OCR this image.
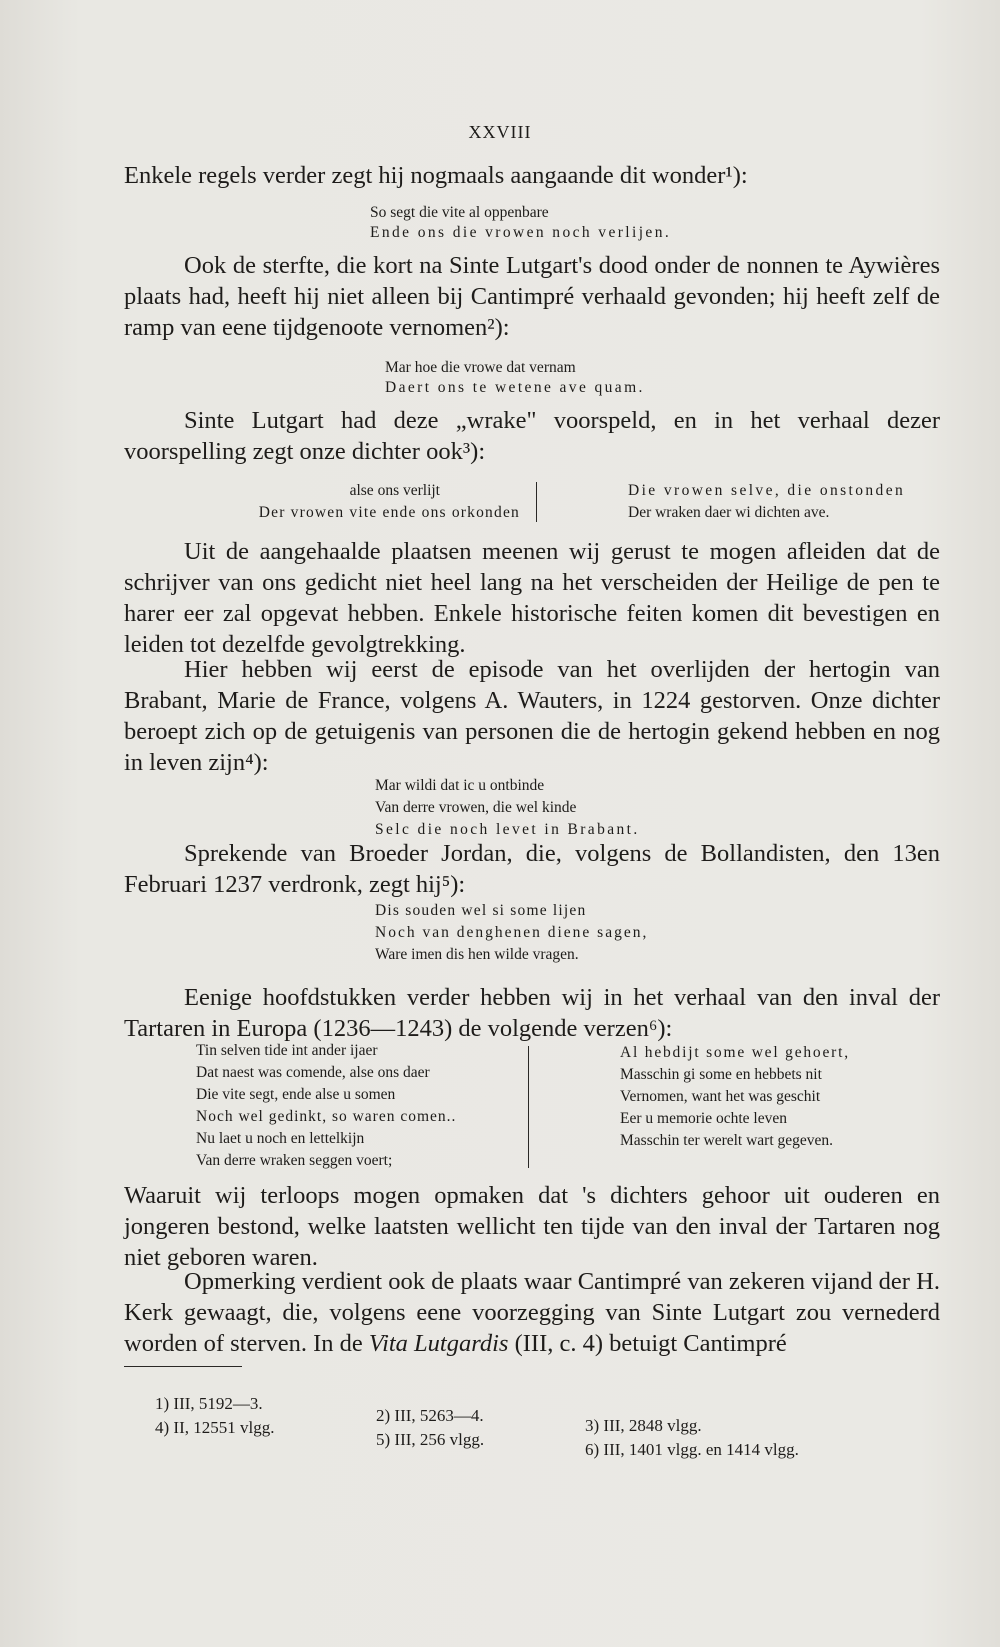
XXVIII

Enkele regels verder zegt hij nogmaals aangaande dit wonder¹):

So segt die vite al oppenbare
Ende ons die vrowen noch verlijen.

Ook de sterfte, die kort na Sinte Lutgart's dood onder de nonnen te Aywières plaats had, heeft hij niet alleen bij Cantimpré verhaald gevonden; hij heeft zelf de ramp van eene tijdgenoote vernomen²):

Mar hoe die vrowe dat vernam
Daert ons te wetene ave quam.

Sinte Lutgart had deze „wrake" voorspeld, en in het verhaal dezer voorspelling zegt onze dichter ook³):

alse ons verlijt
Der vrowen vite ende ons orkonden
Die vrowen selve, die onstonden
Der wraken daer wi dichten ave.

Uit de aangehaalde plaatsen meenen wij gerust te mogen afleiden dat de schrijver van ons gedicht niet heel lang na het verscheiden der Heilige de pen te harer eer zal opgevat hebben. Enkele historische feiten komen dit bevestigen en leiden tot dezelfde gevolgtrekking.

Hier hebben wij eerst de episode van het overlijden der hertogin van Brabant, Marie de France, volgens A. Wauters, in 1224 gestorven. Onze dichter beroept zich op de getuigenis van personen die de hertogin gekend hebben en nog in leven zijn⁴):

Mar wildi dat ic u ontbinde
Van derre vrowen, die wel kinde
Selc die noch levet in Brabant.

Sprekende van Broeder Jordan, die, volgens de Bollandisten, den 13en Februari 1237 verdronk, zegt hij⁵):

Dis souden wel si some lijen
Noch van denghenen diene sagen,
Ware imen dis hen wilde vragen.

Eenige hoofdstukken verder hebben wij in het verhaal van den inval der Tartaren in Europa (1236—1243) de volgende verzen⁶):

Tin selven tide int ander ijaer
Dat naest was comende, alse ons daer
Die vite segt, ende alse u somen
Noch wel gedinkt, so waren comen..
Nu laet u noch en lettelkijn
Van derre wraken seggen voert;
Al hebdijt some wel gehoert,
Masschin gi some en hebbets nit
Vernomen, want het was geschit
Eer u memorie ochte leven
Masschin ter werelt wart gegeven.

Waaruit wij terloops mogen opmaken dat 's dichters gehoor uit ouderen en jongeren bestond, welke laatsten wellicht ten tijde van den inval der Tartaren nog niet geboren waren.

Opmerking verdient ook de plaats waar Cantimpré van zekeren vijand der H. Kerk gewaagt, die, volgens eene voorzegging van Sinte Lutgart zou vernederd worden of sterven. In de Vita Lutgardis (III, c. 4) betuigt Cantimpré

1) III, 5192—3.
4) II, 12551 vlgg.
2) III, 5263—4.
5) III, 256 vlgg.
3) III, 2848 vlgg.
6) III, 1401 vlgg. en 1414 vlgg.
